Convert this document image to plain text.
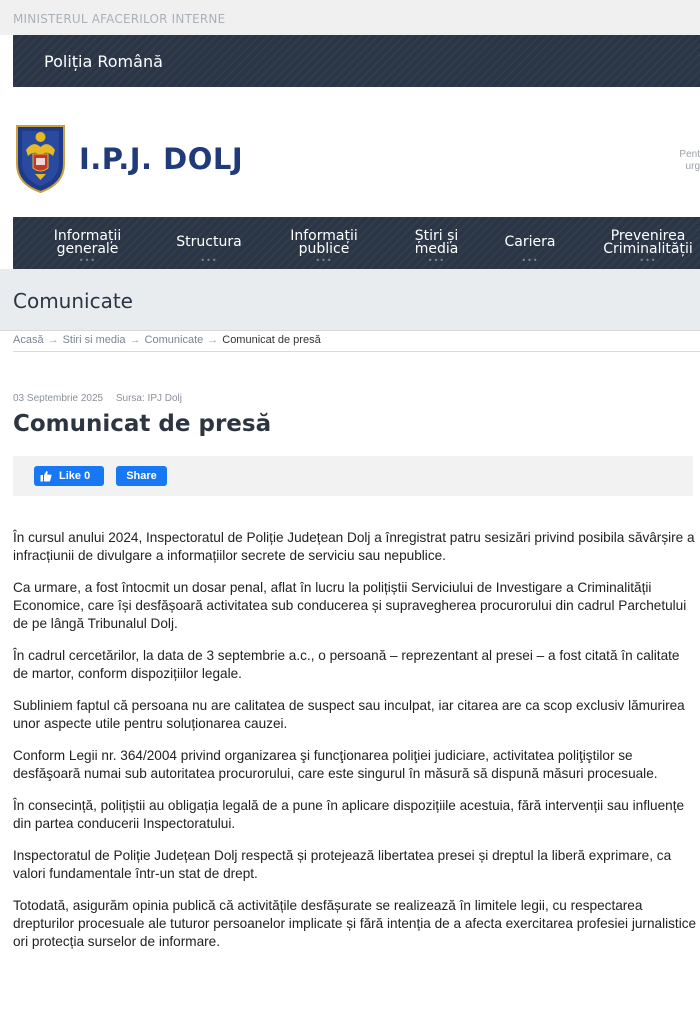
MINISTERUL AFACERILOR INTERNE
Poliția Română
I.P.J. DOLJ	Pent urg
Informații
generale
•••
Structura
•••
Informații
publice
•••
Știri și
media
•••
Cariera
•••
Prevenirea
Criminalității
•••
Comunicate
Acasă → Stiri si media → Comunicate → Comunicat de presă
03 Septembrie 2025 Sursa: IPJ Dolj
Comunicat de presă
Like 0	Share

În cursul anului 2024, Inspectoratul de Poliție Județean Dolj a înregistrat patru sesizări privind posibila săvârșire a infracțiunii de divulgare a informațiilor secrete de serviciu sau nepublice.

Ca urmare, a fost întocmit un dosar penal, aflat în lucru la polițiștii Serviciului de Investigare a Criminalității Economice, care își desfășoară activitatea sub conducerea și supravegherea procurorului din cadrul Parchetului de pe lângă Tribunalul Dolj.

În cadrul cercetărilor, la data de 3 septembrie a.c., o persoană – reprezentant al presei – a fost citată în calitate de martor, conform dispozițiilor legale.

Subliniem faptul că persoana nu are calitatea de suspect sau inculpat, iar citarea are ca scop exclusiv lămurirea unor aspecte utile pentru soluționarea cauzei.

Conform Legii nr. 364/2004 privind organizarea şi funcţionarea poliţiei judiciare, activitatea poliţiştilor se desfăşoară numai sub autoritatea procurorului, care este singurul în măsură să dispună măsuri procesuale.

În consecință, polițiștii au obligația legală de a pune în aplicare dispozițiile acestuia, fără intervenții sau influențe din partea conducerii Inspectoratului.

Inspectoratul de Poliție Județean Dolj respectă și protejează libertatea presei și dreptul la liberă exprimare, ca valori fundamentale într-un stat de drept.

Totodată, asigurăm opinia publică că activitățile desfășurate se realizează în limitele legii, cu respectarea drepturilor procesuale ale tuturor persoanelor implicate și fără intenția de a afecta exercitarea profesiei jurnalistice ori protecția surselor de informare.
